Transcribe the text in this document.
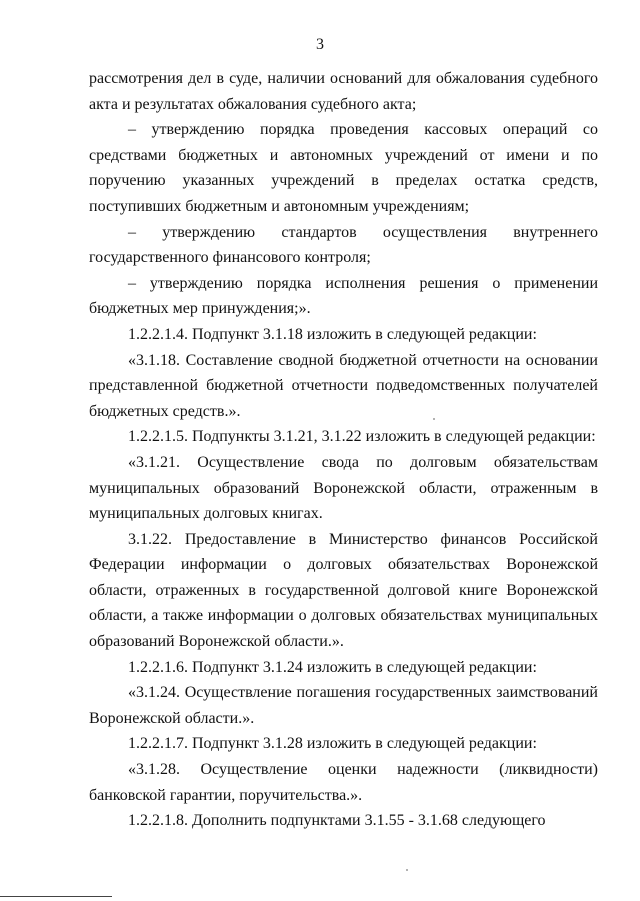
3

рассмотрения дел в суде, наличии оснований для обжалования судебного акта и результатах обжалования судебного акта;

– утверждению порядка проведения кассовых операций со средствами бюджетных и автономных учреждений от имени и по поручению указанных учреждений в пределах остатка средств, поступивших бюджетным и автономным учреждениям;

– утверждению стандартов осуществления внутреннего государственного финансового контроля;

– утверждению порядка исполнения решения о применении бюджетных мер принуждения;».

1.2.2.1.4. Подпункт 3.1.18 изложить в следующей редакции:

«3.1.18. Составление сводной бюджетной отчетности на основании представленной бюджетной отчетности подведомственных получателей бюджетных средств.».

1.2.2.1.5. Подпункты 3.1.21, 3.1.22 изложить в следующей редакции:

«3.1.21. Осуществление свода по долговым обязательствам муниципальных образований Воронежской области, отраженным в муниципальных долговых книгах.

3.1.22. Предоставление в Министерство финансов Российской Федерации информации о долговых обязательствах Воронежской области, отраженных в государственной долговой книге Воронежской области, а также информации о долговых обязательствах муниципальных образований Воронежской области.».

1.2.2.1.6. Подпункт 3.1.24 изложить в следующей редакции:

«3.1.24. Осуществление погашения государственных заимствований Воронежской области.».

1.2.2.1.7. Подпункт 3.1.28 изложить в следующей редакции:

«3.1.28. Осуществление оценки надежности (ликвидности) банковской гарантии, поручительства.».

1.2.2.1.8. Дополнить подпунктами 3.1.55 - 3.1.68 следующего
